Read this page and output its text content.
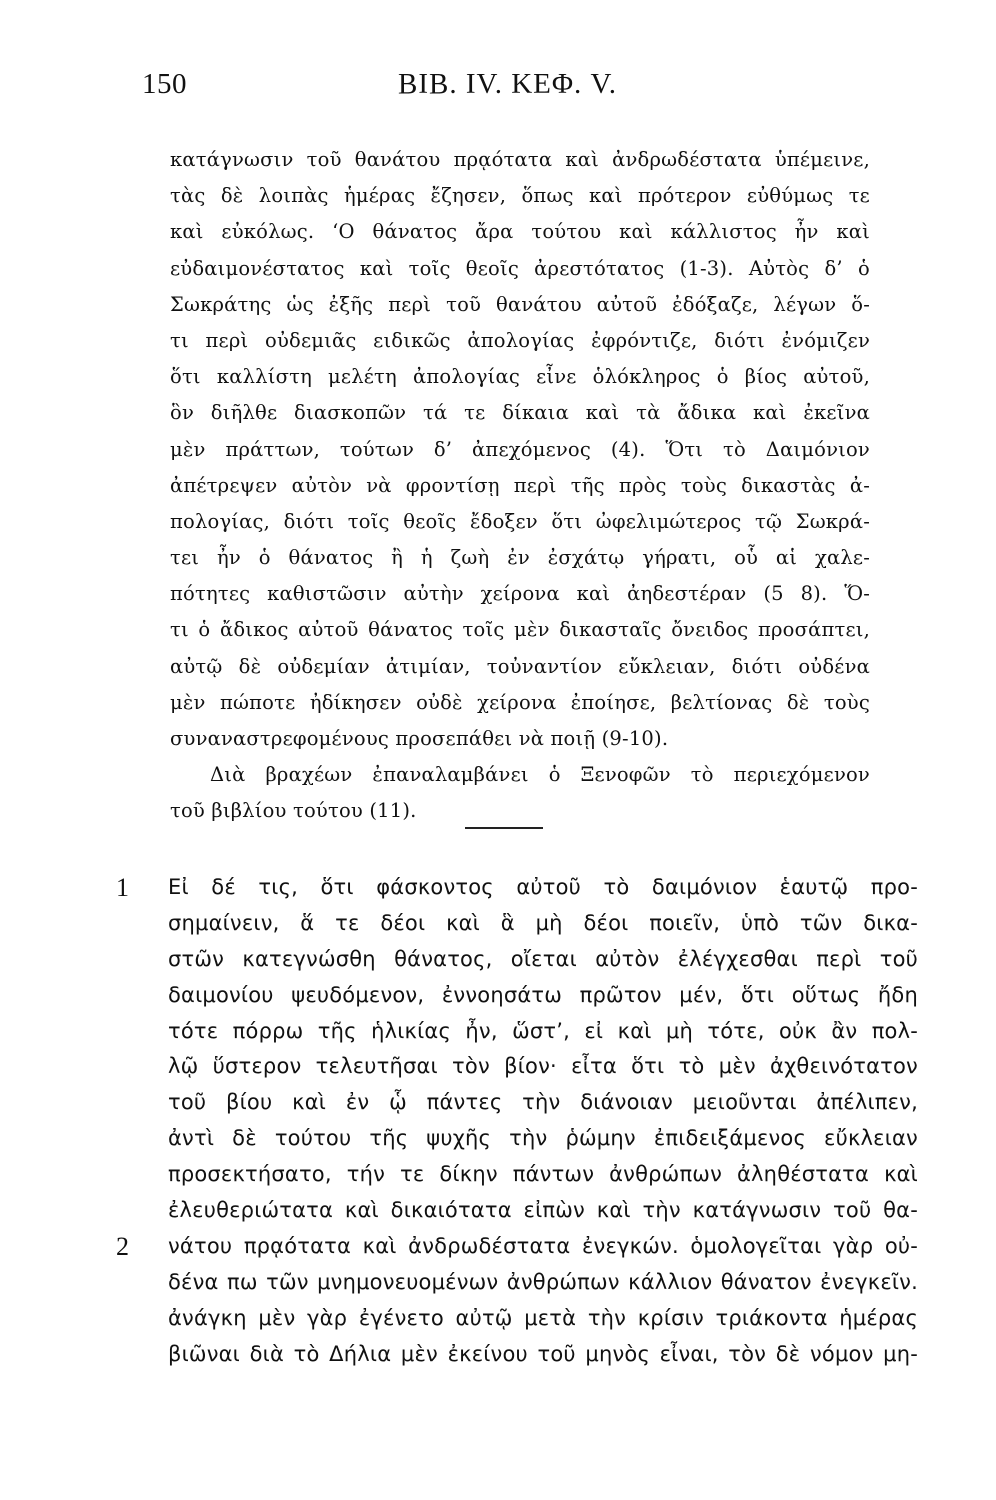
150	ΒΙΒ. ΙV. ΚΕΦ. V.
κατάγνωσιν τοῦ θανάτου πρᾳότατα καὶ ἀνδρωδέστατα ὑπέμεινε,
τὰς δὲ λοιπὰς ἡμέρας ἔζησεν, ὅπως καὶ πρότερον εὐθύμως τε
καὶ εὐκόλως. ‘Ο θάνατος ἄρα τούτου καὶ κάλλιστος ἦν καὶ
εὐδαιμονέστατος καὶ τοῖς θεοῖς ἀρεστότατος (1-3). Αὐτὸς δ’ ὁ
Σωκράτης ὡς ἐξῆς περὶ τοῦ θανάτου αὐτοῦ ἐδόξαζε, λέγων ὅ-
τι περὶ οὐδεμιᾶς ειδικῶς ἀπολογίας ἐφρόντιζε, διότι ἐνόμιζεν
ὅτι καλλίστη μελέτη ἀπολογίας εἶνε ὁλόκληρος ὁ βίος αὐτοῦ,
ὃν διῆλθε διασκοπῶν τά τε δίκαια καὶ τὰ ἄδικα καὶ ἐκεῖνα
μὲν πράττων, τούτων δ’ ἀπεχόμενος (4). Ὅτι τὸ Δαιμόνιον
ἀπέτρεψεν αὐτὸν νὰ φροντίσῃ περὶ τῆς πρὸς τοὺς δικαστὰς ἀ-
πολογίας, διότι τοῖς θεοῖς ἔδοξεν ὅτι ὠφελιμώτερος τῷ Σωκρά-
τει ἦν ὁ θάνατος ἢ ἡ ζωὴ ἐν ἐσχάτῳ γήρατι, οὗ αἱ χαλε-
πότητες καθιστῶσιν αὐτὴν χείρονα καὶ ἀηδεστέραν (5 8). Ὅ-
τι ὁ ἄδικος αὐτοῦ θάνατος τοῖς μὲν δικασταῖς ὄνειδος προσάπτει,
αὐτῷ δὲ οὐδεμίαν ἀτιμίαν, τοὐναντίον εὔκλειαν, διότι οὐδένα
μὲν πώποτε ἠδίκησεν οὐδὲ χείρονα ἐποίησε, βελτίονας δὲ τοὺς
συναναστρεφομένους προσεπάθει νὰ ποιῇ (9-10).
Διὰ βραχέων ἐπαναλαμβάνει ὁ Ξενοφῶν τὸ περιεχόμενον
τοῦ βιβλίου τούτου (11).
1 Εἰ δέ τις, ὅτι φάσκοντος αὐτοῦ τὸ δαιμόνιον ἑαυτῷ προ-
σημαίνειν, ἅ τε δέοι καὶ ἃ μὴ δέοι ποιεῖν, ὑπὸ τῶν δικα-
στῶν κατεγνώσθη θάνατος, οἴεται αὐτὸν ἐλέγχεσθαι περὶ τοῦ
δαιμονίου ψευδόμενον, ἐννοησάτω πρῶτον μέν, ὅτι οὕτως ἤδη
τότε πόρρω τῆς ἡλικίας ἦν, ὥστ’, εἰ καὶ μὴ τότε, οὐκ ἂν πολ-
λῷ ὕστερον τελευτῆσαι τὸν βίον· εἶτα ὅτι τὸ μὲν ἀχθεινότατον
τοῦ βίου καὶ ἐν ᾧ πάντες τὴν διάνοιαν μειοῦνται ἀπέλιπεν,
ἀντὶ δὲ τούτου τῆς ψυχῆς τὴν ῥώμην ἐπιδειξάμενος εὔκλειαν
προσεκτήσατο, τήν τε δίκην πάντων ἀνθρώπων ἀληθέστατα καὶ
ἐλευθεριώτατα καὶ δικαιότατα εἰπὼν καὶ τὴν κατάγνωσιν τοῦ θα-
2 νάτου πρᾳότατα καὶ ἀνδρωδέστατα ἐνεγκών. ὁμολογεῖται γὰρ οὐ-
δένα πω τῶν μνημονευομένων ἀνθρώπων κάλλιον θάνατον ἐνεγκεῖν.
ἀνάγκη μὲν γὰρ ἐγένετο αὐτῷ μετὰ τὴν κρίσιν τριάκοντα ἡμέρας
βιῶναι διὰ τὸ Δήλια μὲν ἐκείνου τοῦ μηνὸς εἶναι, τὸν δὲ νόμον μη-
